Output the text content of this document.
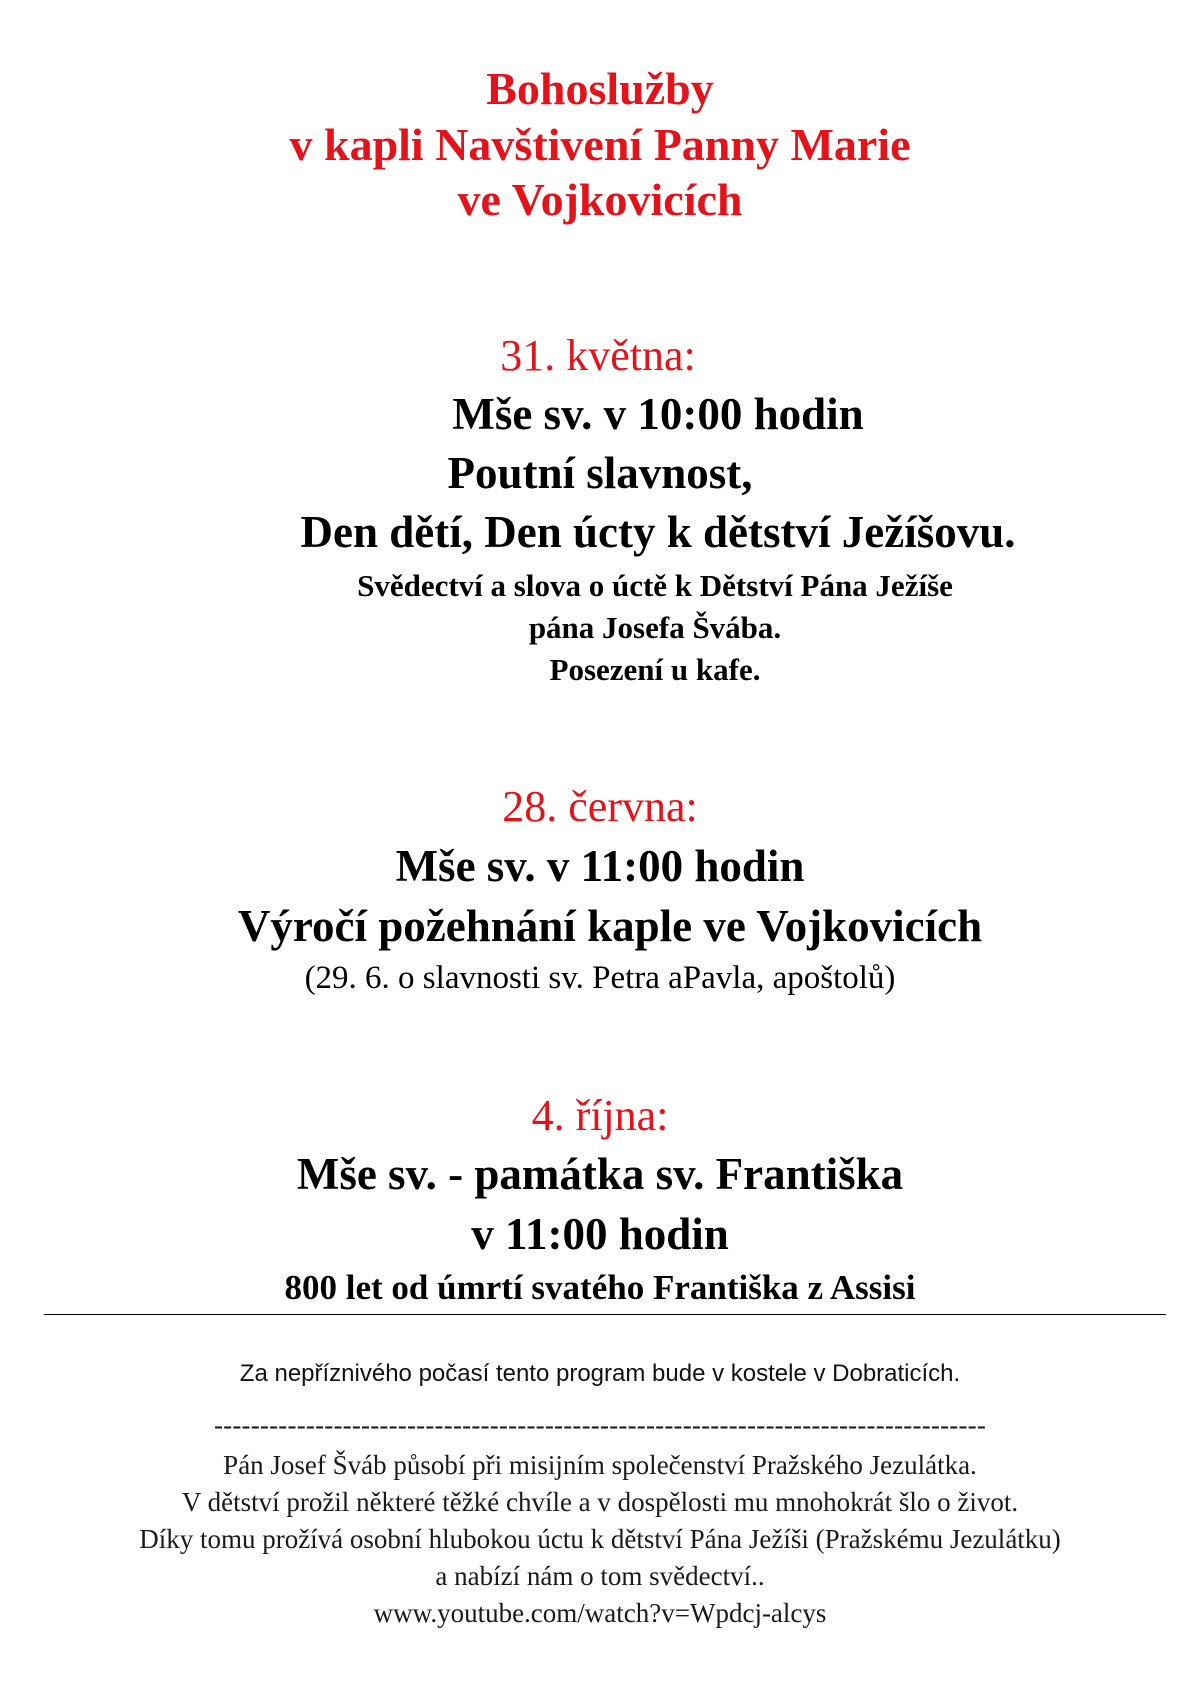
Bohoslužby
v kapli Navštivení Panny Marie
ve Vojkovicích
31. května:
Mše sv. v 10:00 hodin
Poutní slavnost,
Den dětí, Den úcty k dětství Ježíšovu.
Svědectví a slova o úctě k Dětství Pána Ježíše
pána Josefa Švába.
Posezení u kafe.
28. června:
Mše sv. v 11:00 hodin
Výročí požehnání kaple ve Vojkovicích
(29. 6. o slavnosti sv. Petra aPavla, apoštolů)
4. října:
Mše sv. - památka sv. Františka
v 11:00 hodin
800 let od úmrtí svatého Františka z Assisi
Za nepříznivého počasí tento program bude v kostele v Dobraticích.
------------------------------------------------------------------------------------
Pán Josef Šváb působí při misijním společenství Pražského Jezulátka.
V dětství prožil některé těžké chvíle a v dospělosti mu mnohokrát šlo o život.
Díky tomu prožívá osobní hlubokou úctu k dětství Pána Ježíši (Pražskému Jezulátku)
a nabízí nám o tom svědectví..
www.youtube.com/watch?v=Wpdcj-alcys
